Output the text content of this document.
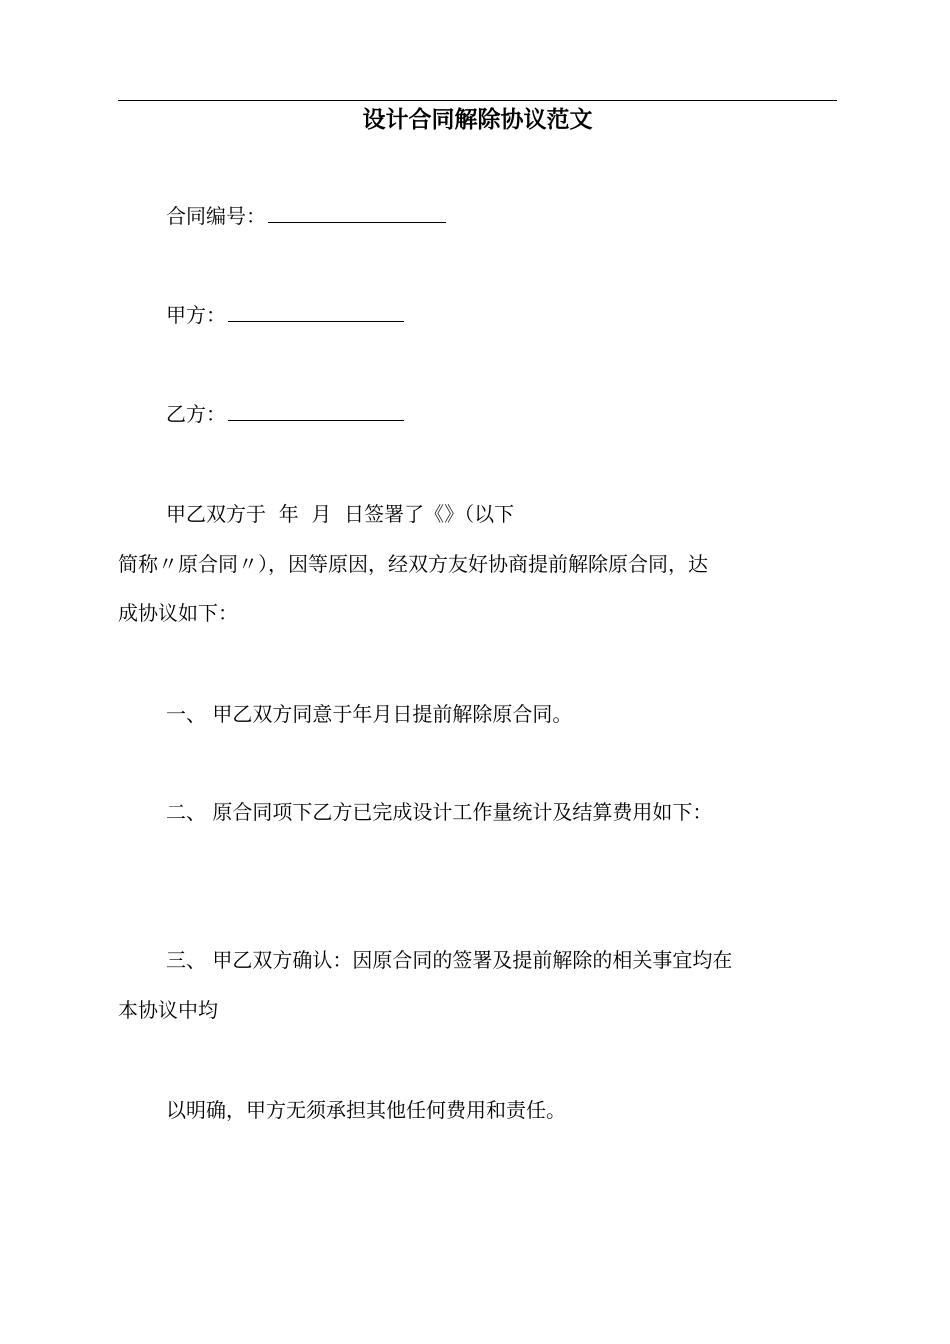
设计合同解除协议范文
合同编号：
甲方：
乙方：
甲乙双方于  年  月  日签署了《》（以下
简称〃原合同〃），因等原因，经双方友好协商提前解除原合同，达
成协议如下：
一、 甲乙双方同意于年月日提前解除原合同。
二、 原合同项下乙方已完成设计工作量统计及结算费用如下：
三、 甲乙双方确认：因原合同的签署及提前解除的相关事宜均在
本协议中均
以明确，甲方无须承担其他任何费用和责任。
